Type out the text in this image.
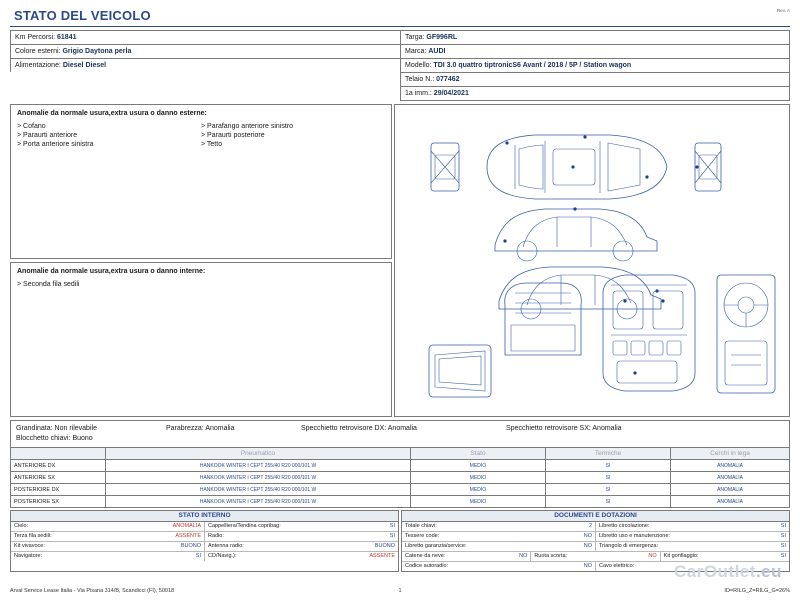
Rev. A
STATO DEL VEICOLO
Km Percorsi: 61841
Colore esterni: Grigio Daytona perla
Alimentazione: Diesel Diesel
Targa: GF996RL
Marca: AUDI
Modello: TDI 3.0 quattro tiptronicS6 Avant / 2018 / 5P / Station wagon
Telaio N.: 077462
1a imm.: 29/04/2021
Anomalie da normale usura,extra usura o danno esterne:
> Cofano
> Paraurti anteriore
> Porta anteriore sinistra
> Parafango anteriore sinistro
> Paraurti posteriore
> Tetto
Anomalie da normale usura,extra usura o danno interne:
> Seconda fila sedili
Grandinata: Non rilevabile	Parabrezza: Anomalia	Specchietto retrovisore DX: Anomalia	Specchietto retrovisore SX: Anomalia
Blocchetto chiavi: Buono
	Pneumatico	Stato	Termiche	Cerchi in lega
ANTERIORE DX	HANKOOK WINTER I CEPT 255/40 R20 000/101 W	MEDIO	SI	ANOMALIA
ANTERIORE SX	HANKOOK WINTER I CEPT 255/40 R20 000/101 W	MEDIO	SI	ANOMALIA
POSTERIORE DX	HANKOOK WINTER I CEPT 255/40 R20 000/101 W	MEDIO	SI	ANOMALIA
POSTERIORE SX	HANKOOK WINTER I CEPT 255/40 R20 000/101 W	MEDIO	SI	ANOMALIA
STATO INTERNO
Cielo:	ANOMALIA Cappelliera/Tendina copribag:	SI
Terza fila sedili:	ASSENTE Radio:	SI
Kit vivavoce:	BUONO Antenna radio:	BUONO
Navigatore:	SI CD/Navig.):	ASSENTE
DOCUMENTI E DOTAZIONI
Totale chiavi:	2 Libretto circolazione:	SI
Tessere code:	NO Libretto uso e manutenzione:	SI
Libretto garanzia/service:	NO Triangolo di emergenza:	SI
Catene da neve:	NO Ruota scorta:	NO Kit gonfiaggio:	SI
Codice autoradio:	NO Cavo elettrico: CarOutlet.eu
Arval Service Lease Italia - Via Pisana 314/B, Scandicci (FI), 50018	1	ID=RILG_Z=RILG_G=26%
